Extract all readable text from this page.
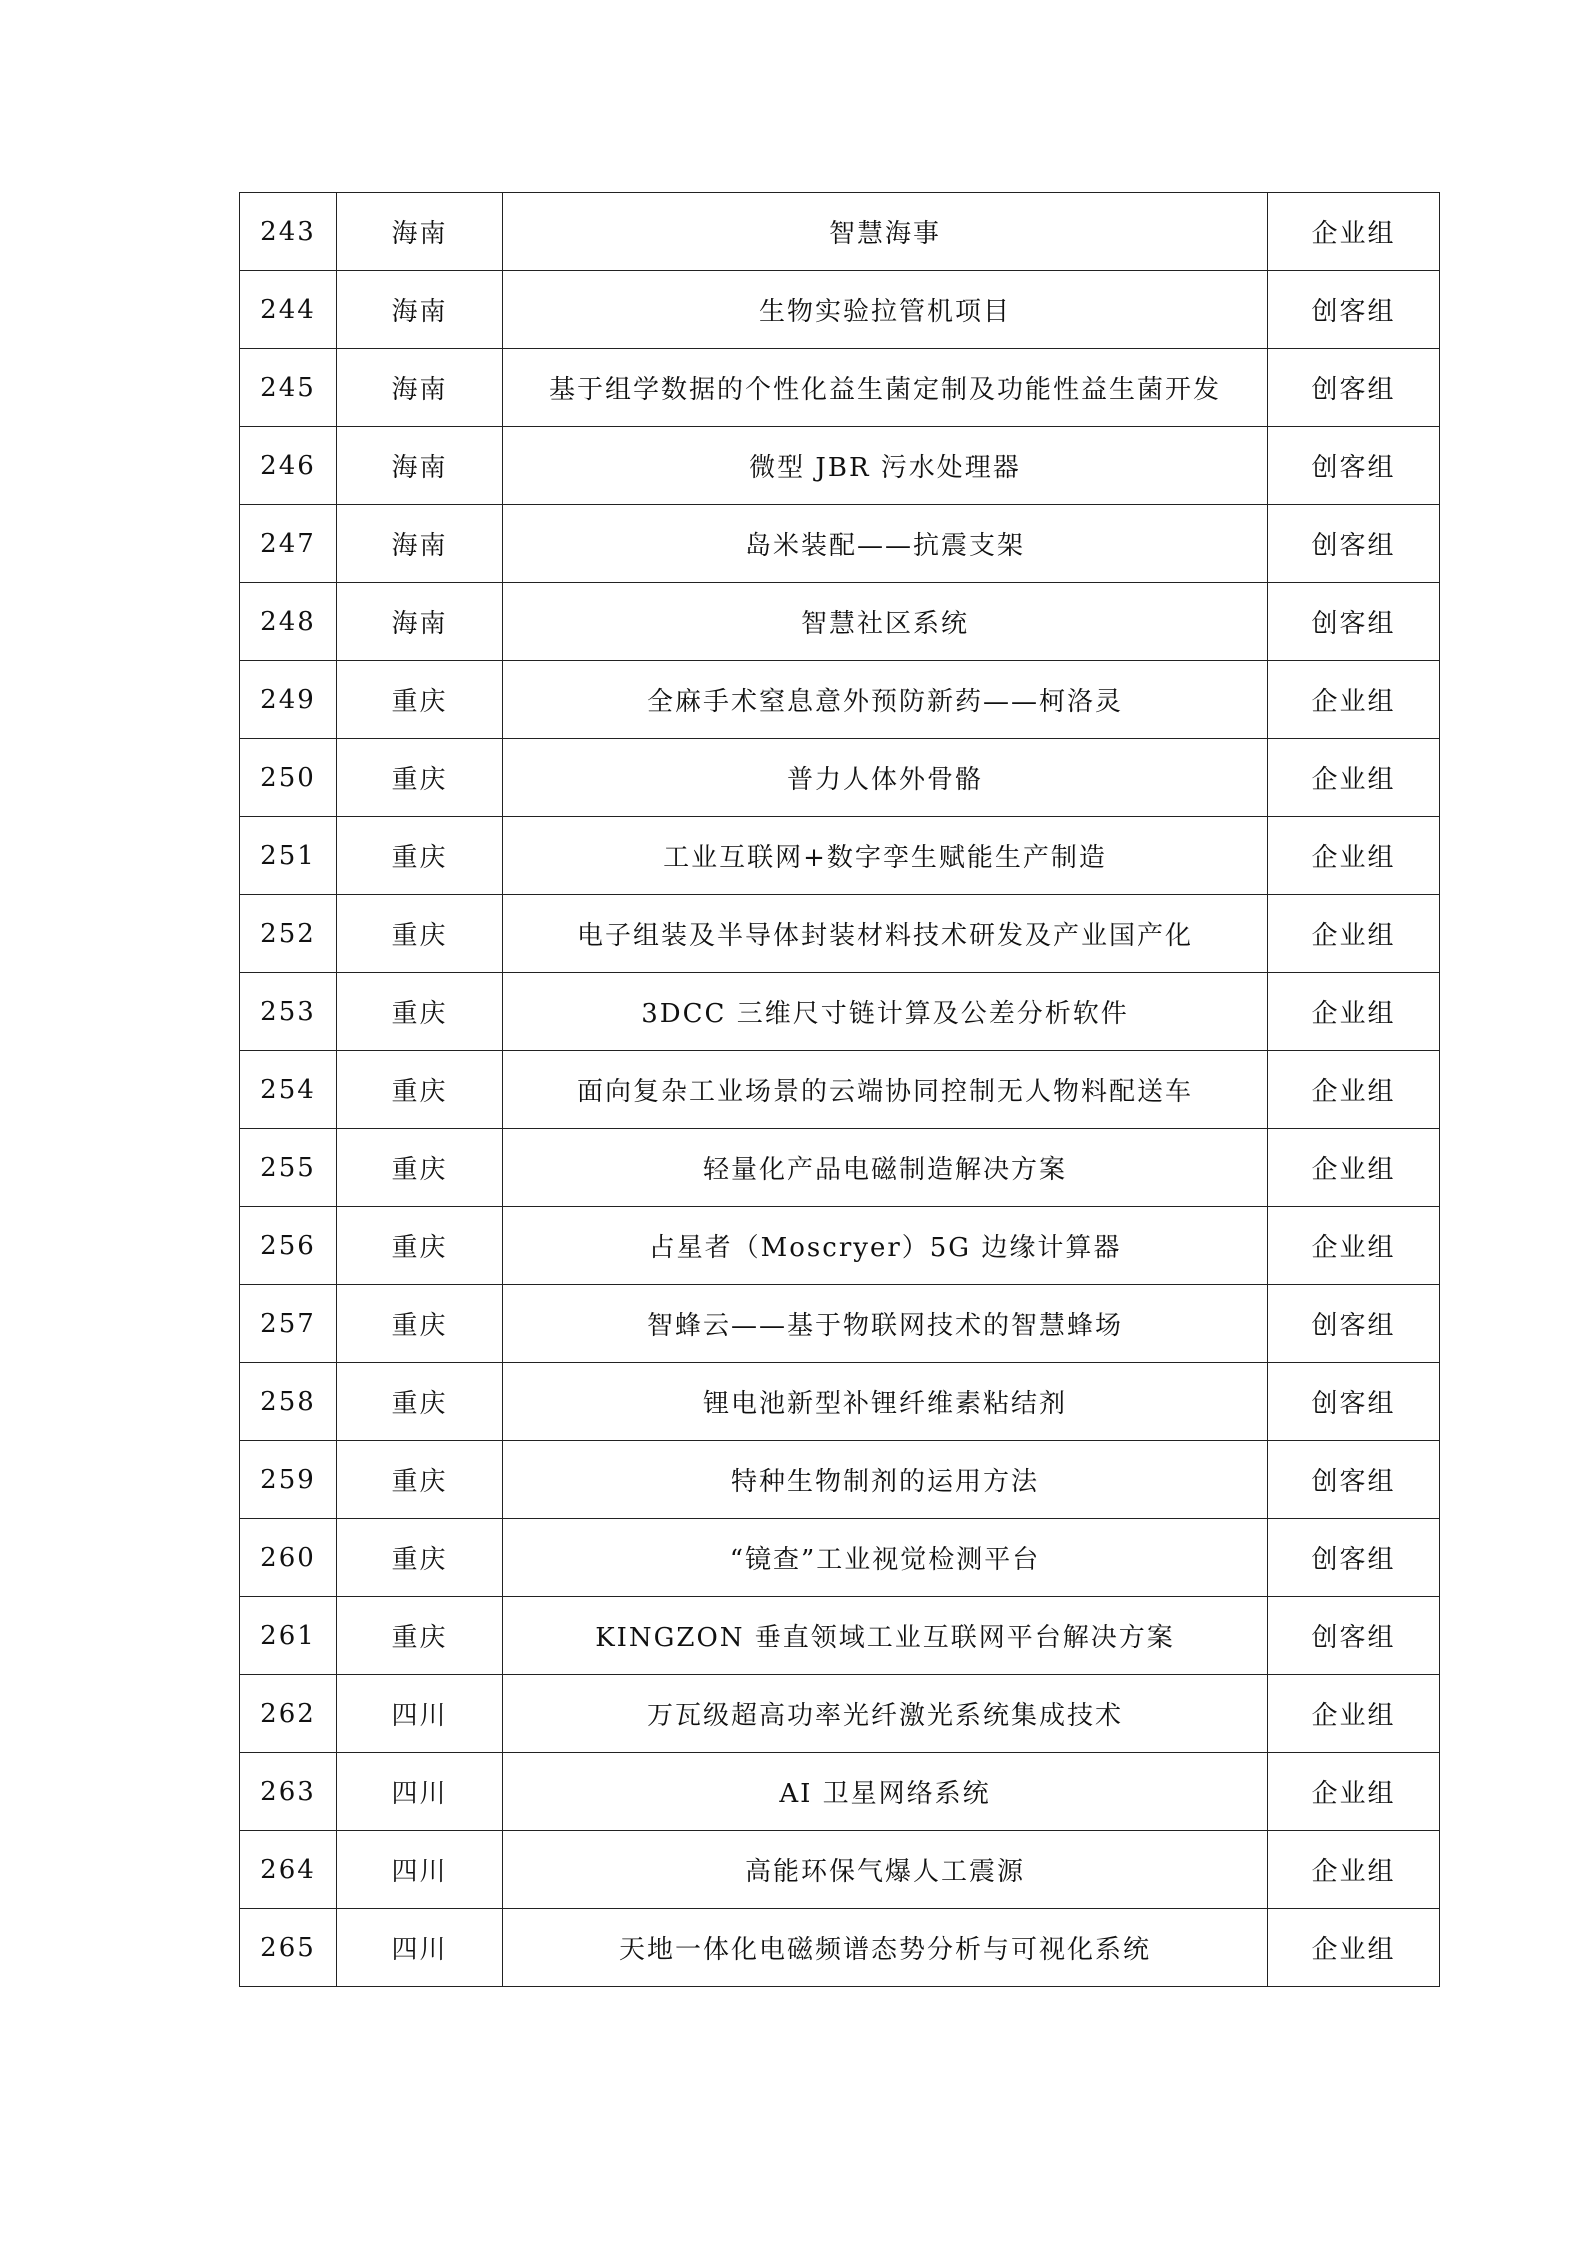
243	海南	智慧海事	企业组
244	海南	生物实验拉管机项目	创客组
245	海南	基于组学数据的个性化益生菌定制及功能性益生菌开发	创客组
246	海南	微型 JBR 污水处理器	创客组
247	海南	岛米装配——抗震支架	创客组
248	海南	智慧社区系统	创客组
249	重庆	全麻手术窒息意外预防新药——柯洛灵	企业组
250	重庆	普力人体外骨骼	企业组
251	重庆	工业互联网+数字孪生赋能生产制造	企业组
252	重庆	电子组装及半导体封装材料技术研发及产业国产化	企业组
253	重庆	3DCC 三维尺寸链计算及公差分析软件	企业组
254	重庆	面向复杂工业场景的云端协同控制无人物料配送车	企业组
255	重庆	轻量化产品电磁制造解决方案	企业组
256	重庆	占星者（Moscryer）5G 边缘计算器	企业组
257	重庆	智蜂云——基于物联网技术的智慧蜂场	创客组
258	重庆	锂电池新型补锂纤维素粘结剂	创客组
259	重庆	特种生物制剂的运用方法	创客组
260	重庆	“镜查”工业视觉检测平台	创客组
261	重庆	KINGZON 垂直领域工业互联网平台解决方案	创客组
262	四川	万瓦级超高功率光纤激光系统集成技术	企业组
263	四川	AI 卫星网络系统	企业组
264	四川	高能环保气爆人工震源	企业组
265	四川	天地一体化电磁频谱态势分析与可视化系统	企业组
